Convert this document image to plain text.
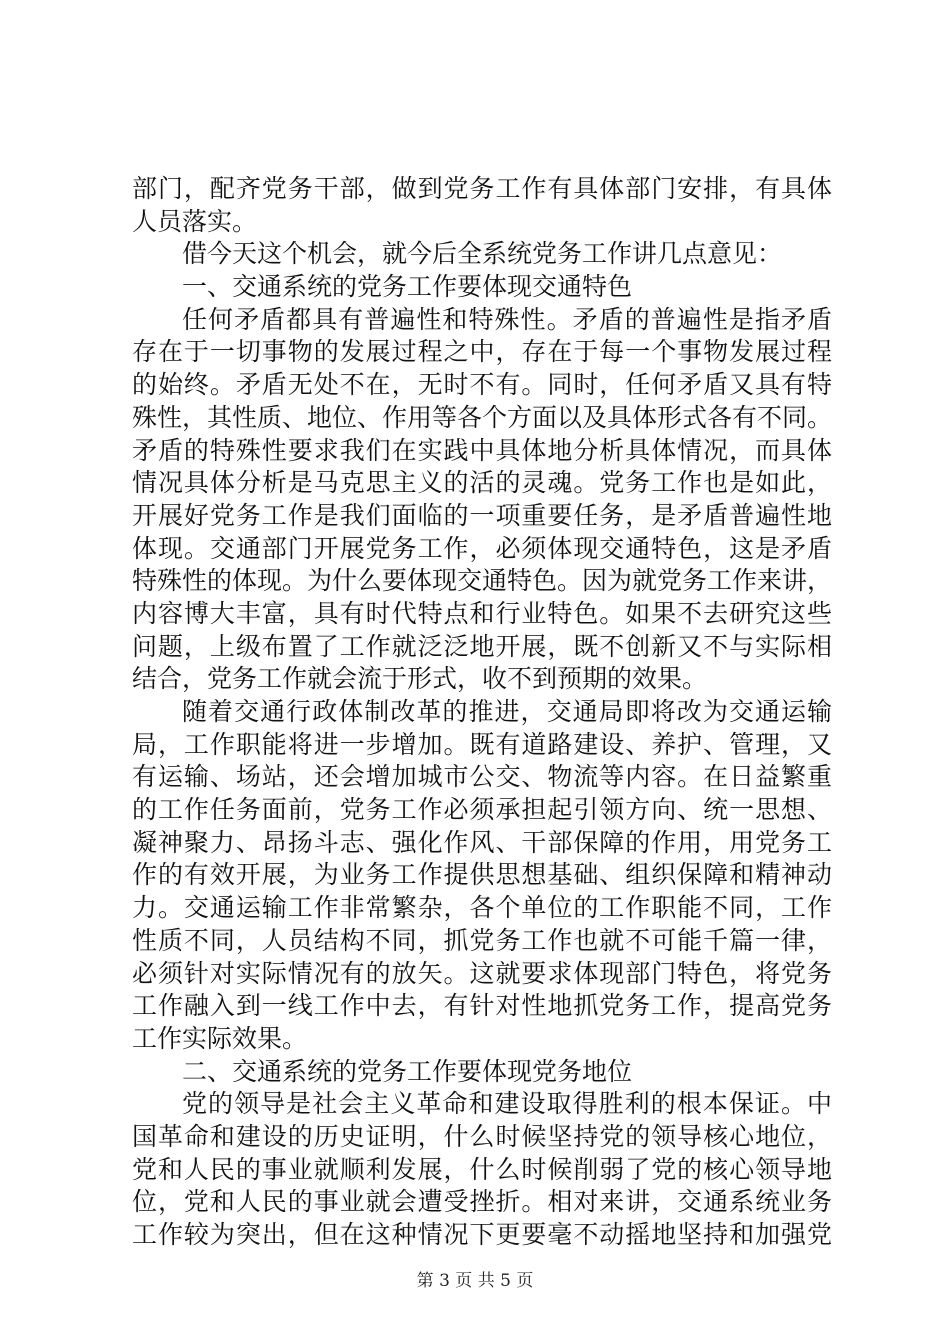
部门，配齐党务干部，做到党务工作有具体部门安排，有具体
人员落实。
借今天这个机会，就今后全系统党务工作讲几点意见：
一、交通系统的党务工作要体现交通特色
任何矛盾都具有普遍性和特殊性。矛盾的普遍性是指矛盾
存在于一切事物的发展过程之中，存在于每一个事物发展过程
的始终。矛盾无处不在，无时不有。同时，任何矛盾又具有特
殊性，其性质、地位、作用等各个方面以及具体形式各有不同。
矛盾的特殊性要求我们在实践中具体地分析具体情况，而具体
情况具体分析是马克思主义的活的灵魂。党务工作也是如此，
开展好党务工作是我们面临的一项重要任务，是矛盾普遍性地
体现。交通部门开展党务工作，必须体现交通特色，这是矛盾
特殊性的体现。为什么要体现交通特色。因为就党务工作来讲，
内容博大丰富，具有时代特点和行业特色。如果不去研究这些
问题，上级布置了工作就泛泛地开展，既不创新又不与实际相
结合，党务工作就会流于形式，收不到预期的效果。
随着交通行政体制改革的推进，交通局即将改为交通运输
局，工作职能将进一步增加。既有道路建设、养护、管理，又
有运输、场站，还会增加城市公交、物流等内容。在日益繁重
的工作任务面前，党务工作必须承担起引领方向、统一思想、
凝神聚力、昂扬斗志、强化作风、干部保障的作用，用党务工
作的有效开展，为业务工作提供思想基础、组织保障和精神动
力。交通运输工作非常繁杂，各个单位的工作职能不同，工作
性质不同，人员结构不同，抓党务工作也就不可能千篇一律，
必须针对实际情况有的放矢。这就要求体现部门特色，将党务
工作融入到一线工作中去，有针对性地抓党务工作，提高党务
工作实际效果。
二、交通系统的党务工作要体现党务地位
党的领导是社会主义革命和建设取得胜利的根本保证。中
国革命和建设的历史证明，什么时候坚持党的领导核心地位，
党和人民的事业就顺利发展，什么时候削弱了党的核心领导地
位，党和人民的事业就会遭受挫折。相对来讲，交通系统业务
工作较为突出，但在这种情况下更要毫不动摇地坚持和加强党
第 3 页 共 5 页
